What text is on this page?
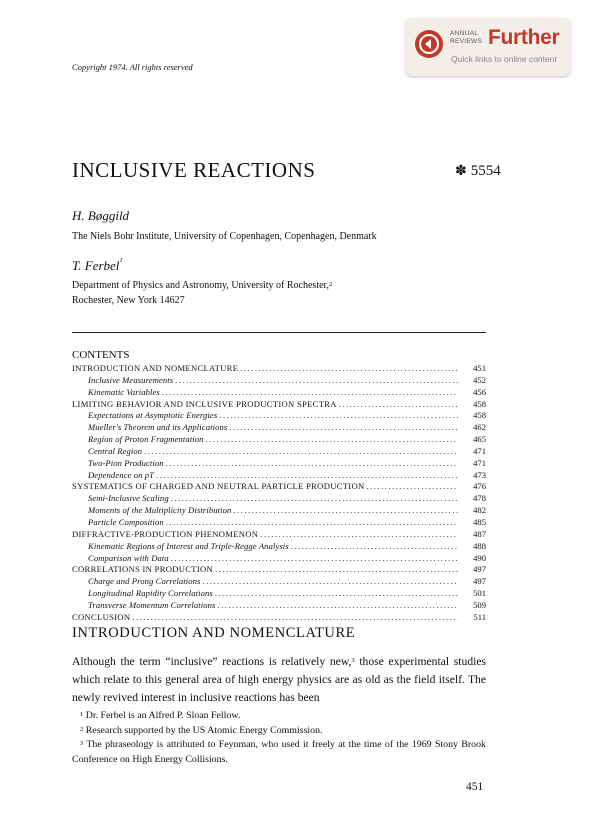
ANNUAL
REVIEWS Further
Quick links to online content
Copyright 1974. All rights reserved
INCLUSIVE REACTIONS	✽ 5554
H. Bøggild
The Niels Bohr Institute, University of Copenhagen, Copenhagen, Denmark
T. Ferbel$^1$
Department of Physics and Astronomy, University of Rochester,$^2$
Rochester, New York 14627
CONTENTS
INTRODUCTION AND NOMENCLATURE .....	451
Inclusive Measurements .....	452
Kinematic Variables .....	456
LIMITING BEHAVIOR AND INCLUSIVE PRODUCTION SPECTRA .....	458
Expectations at Asymptotic Energies .....	458
Mueller's Theorem and its Applications .....	462
Region of Proton Fragmentation .....	465
Central Region .....	471
Two-Pion Production .....	471
Dependence on pT .....	473
SYSTEMATICS OF CHARGED AND NEUTRAL PARTICLE PRODUCTION .....	476
Semi-Inclusive Scaling .....	478
Moments of the Multiplicity Distribution .....	482
Particle Composition .....	485
DIFFRACTIVE-PRODUCTION PHENOMENON .....	487
Kinematic Regions of Interest and Triple-Regge Analysis .....	488
Comparison with Data .....	490
CORRELATIONS IN PRODUCTION .....	497
Charge and Prong Correlations .....	497
Longitudinal Rapidity Correlations .....	501
Transverse Momentum Correlations .....	509
CONCLUSION .....	511
INTRODUCTION AND NOMENCLATURE
Although the term “inclusive” reactions is relatively new,$^3$ those experimental studies which relate to this general area of high energy physics are as old as the field itself. The newly revived interest in inclusive reactions has been
$^1$ Dr. Ferbel is an Alfred P. Sloan Fellow.
$^2$ Research supported by the US Atomic Energy Commission.
$^3$ The phraseology is attributed to Feynman, who used it freely at the time of the 1969 Stony Brook Conference on High Energy Collisions.
451
